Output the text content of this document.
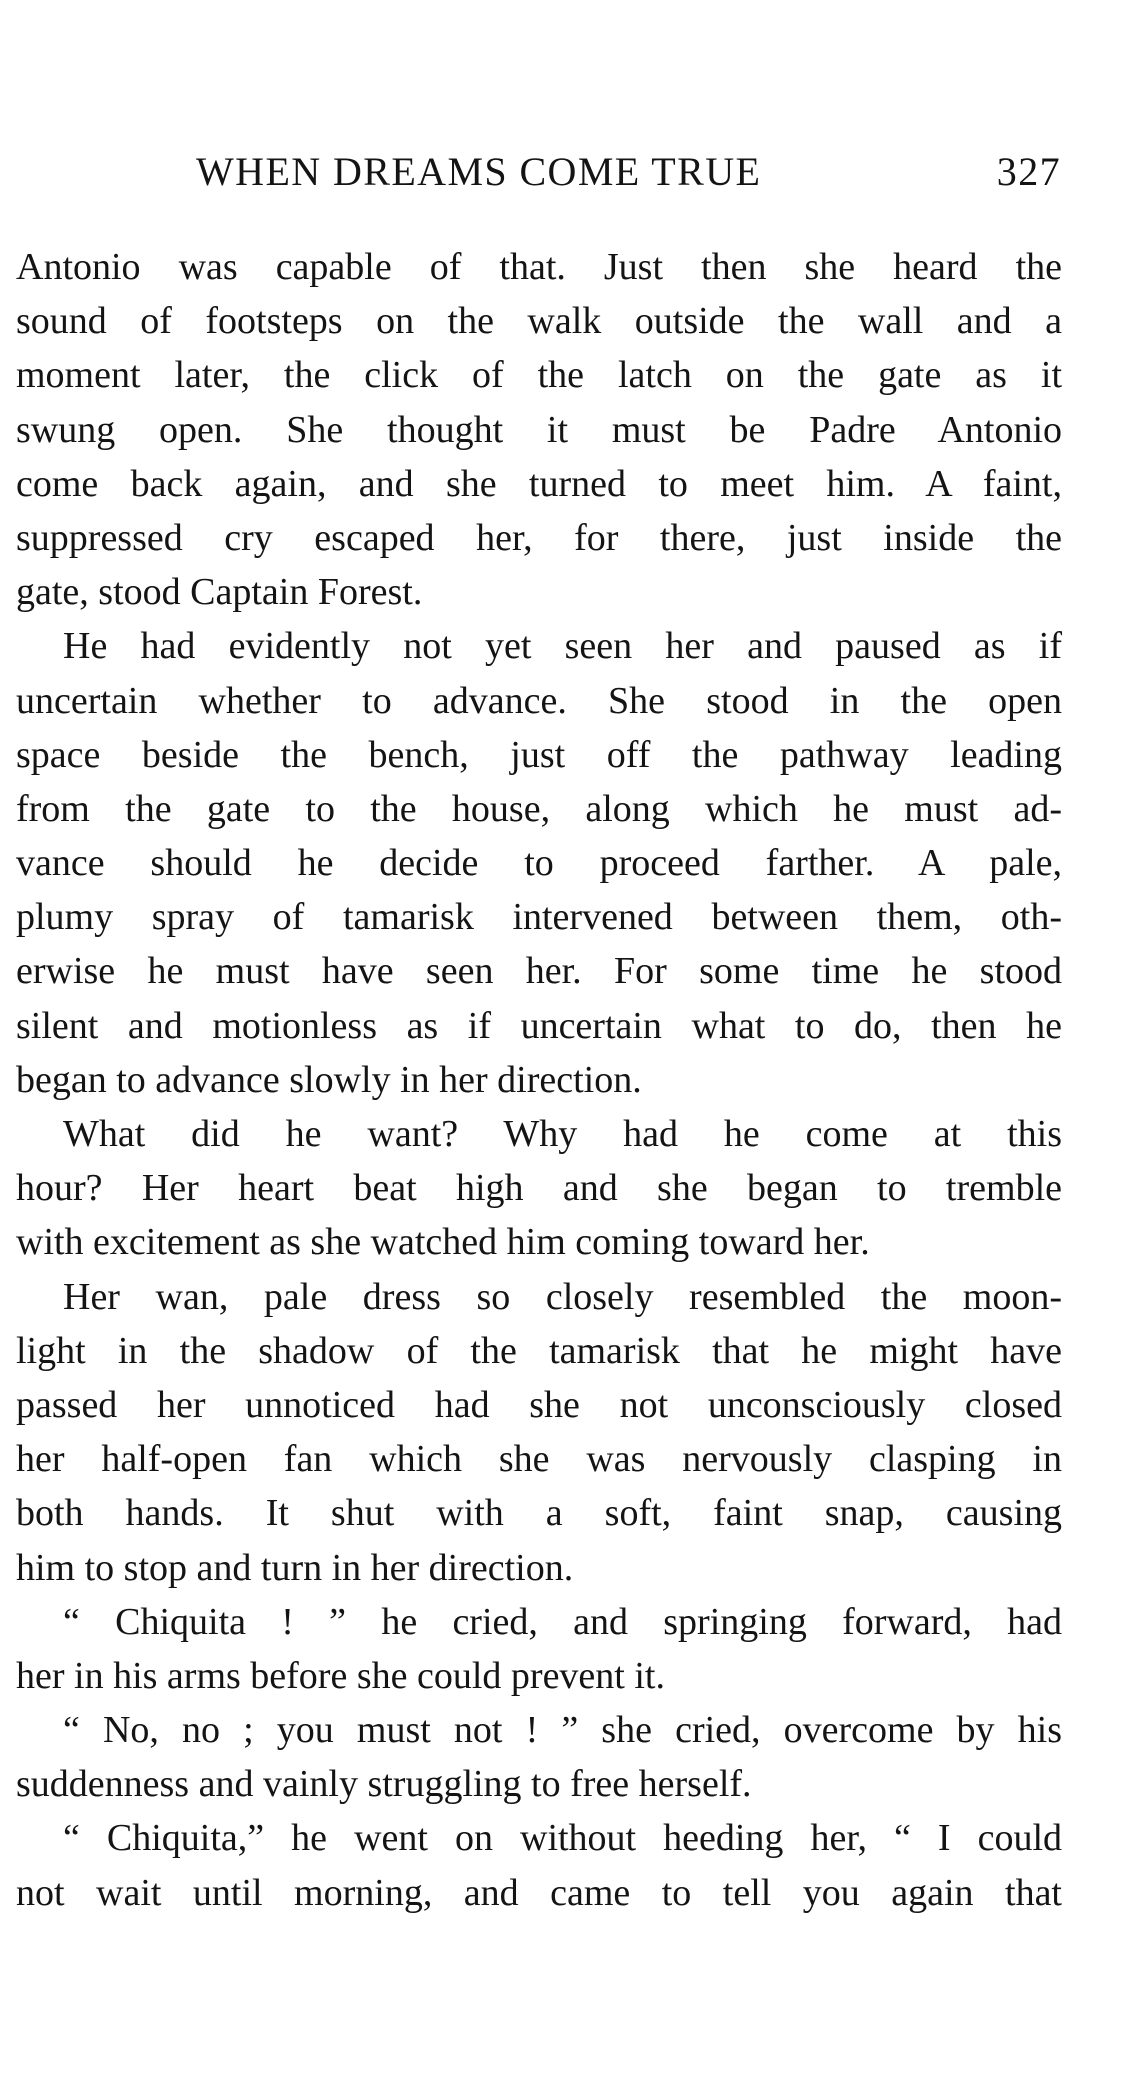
WHEN DREAMS COME TRUE	327
Antonio was capable of that. Just then she heard the
sound of footsteps on the walk outside the wall and a
moment later, the click of the latch on the gate as it
swung open. She thought it must be Padre Antonio
come back again, and she turned to meet him. A faint,
suppressed cry escaped her, for there, just inside the
gate, stood Captain Forest.
He had evidently not yet seen her and paused as if
uncertain whether to advance. She stood in the open
space beside the bench, just off the pathway leading
from the gate to the house, along which he must ad-
vance should he decide to proceed farther. A pale,
plumy spray of tamarisk intervened between them, oth-
erwise he must have seen her. For some time he stood
silent and motionless as if uncertain what to do, then he
began to advance slowly in her direction.
What did he want? Why had he come at this
hour? Her heart beat high and she began to tremble
with excitement as she watched him coming toward her.
Her wan, pale dress so closely resembled the moon-
light in the shadow of the tamarisk that he might have
passed her unnoticed had she not unconsciously closed
her half-open fan which she was nervously clasping in
both hands. It shut with a soft, faint snap, causing
him to stop and turn in her direction.
“ Chiquita ! ” he cried, and springing forward, had
her in his arms before she could prevent it.
“ No, no ; you must not ! ” she cried, overcome by his
suddenness and vainly struggling to free herself.
“ Chiquita,” he went on without heeding her, “ I could
not wait until morning, and came to tell you again that
